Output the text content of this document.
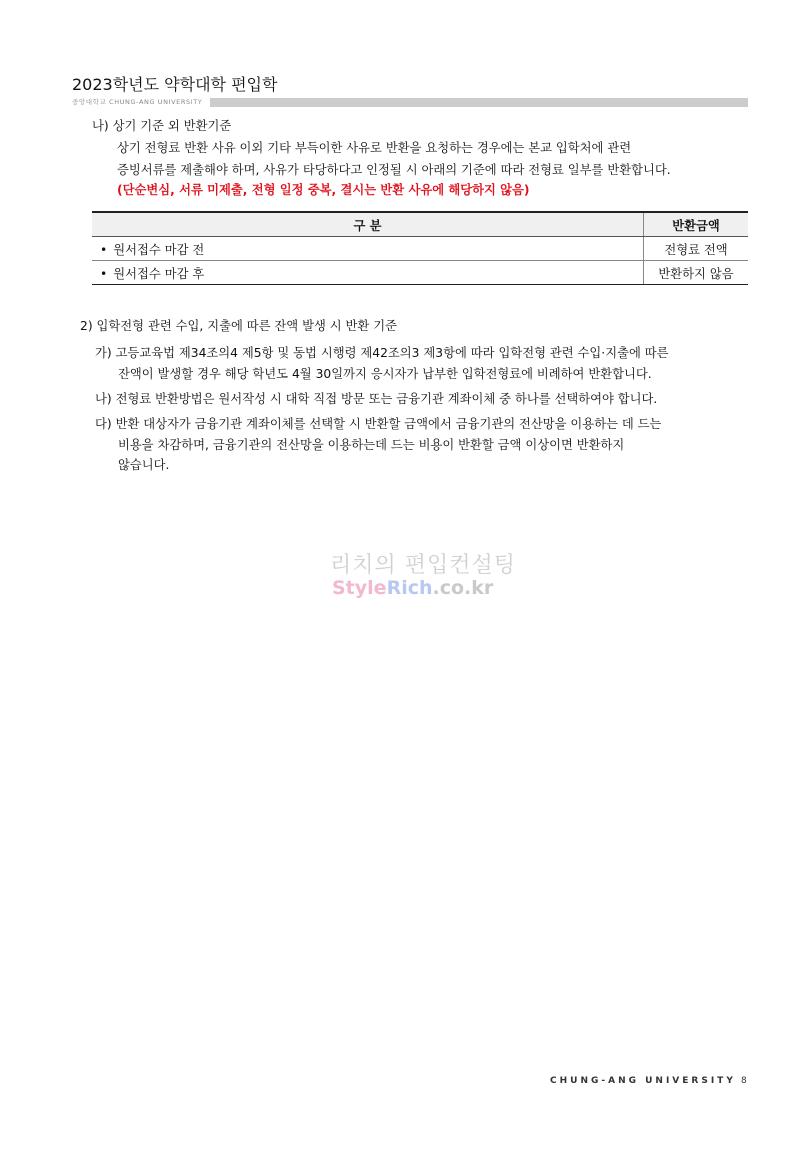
2023학년도 약학대학 편입학
중앙대학교 CHUNG-ANG UNIVERSITY
나) 상기 기준 외 반환기준
상기 전형료 반환 사유 이외 기타 부득이한 사유로 반환을 요청하는 경우에는 본교 입학처에 관련
증빙서류를 제출해야 하며, 사유가 타당하다고 인정될 시 아래의 기준에 따라 전형료 일부를 반환합니다.
(단순변심, 서류 미제출, 전형 일정 중복, 결시는 반환 사유에 해당하지 않음)
구 분	반환금액
• 원서접수 마감 전	전형료 전액
• 원서접수 마감 후	반환하지 않음
2) 입학전형 관련 수입, 지출에 따른 잔액 발생 시 반환 기준
가) 고등교육법 제34조의4 제5항 및 동법 시행령 제42조의3 제3항에 따라 입학전형 관련 수입·지출에 따른
잔액이 발생할 경우 해당 학년도 4월 30일까지 응시자가 납부한 입학전형료에 비례하여 반환합니다.
나) 전형료 반환방법은 원서작성 시 대학 직접 방문 또는 금융기관 계좌이체 중 하나를 선택하여야 합니다.
다) 반환 대상자가 금융기관 계좌이체를 선택할 시 반환할 금액에서 금융기관의 전산망을 이용하는 데 드는
비용을 차감하며, 금융기관의 전산망을 이용하는데 드는 비용이 반환할 금액 이상이면 반환하지
않습니다.
리치의 편입컨설팅
StyleRich.co.kr
CHUNG-ANG UNIVERSITY 8
